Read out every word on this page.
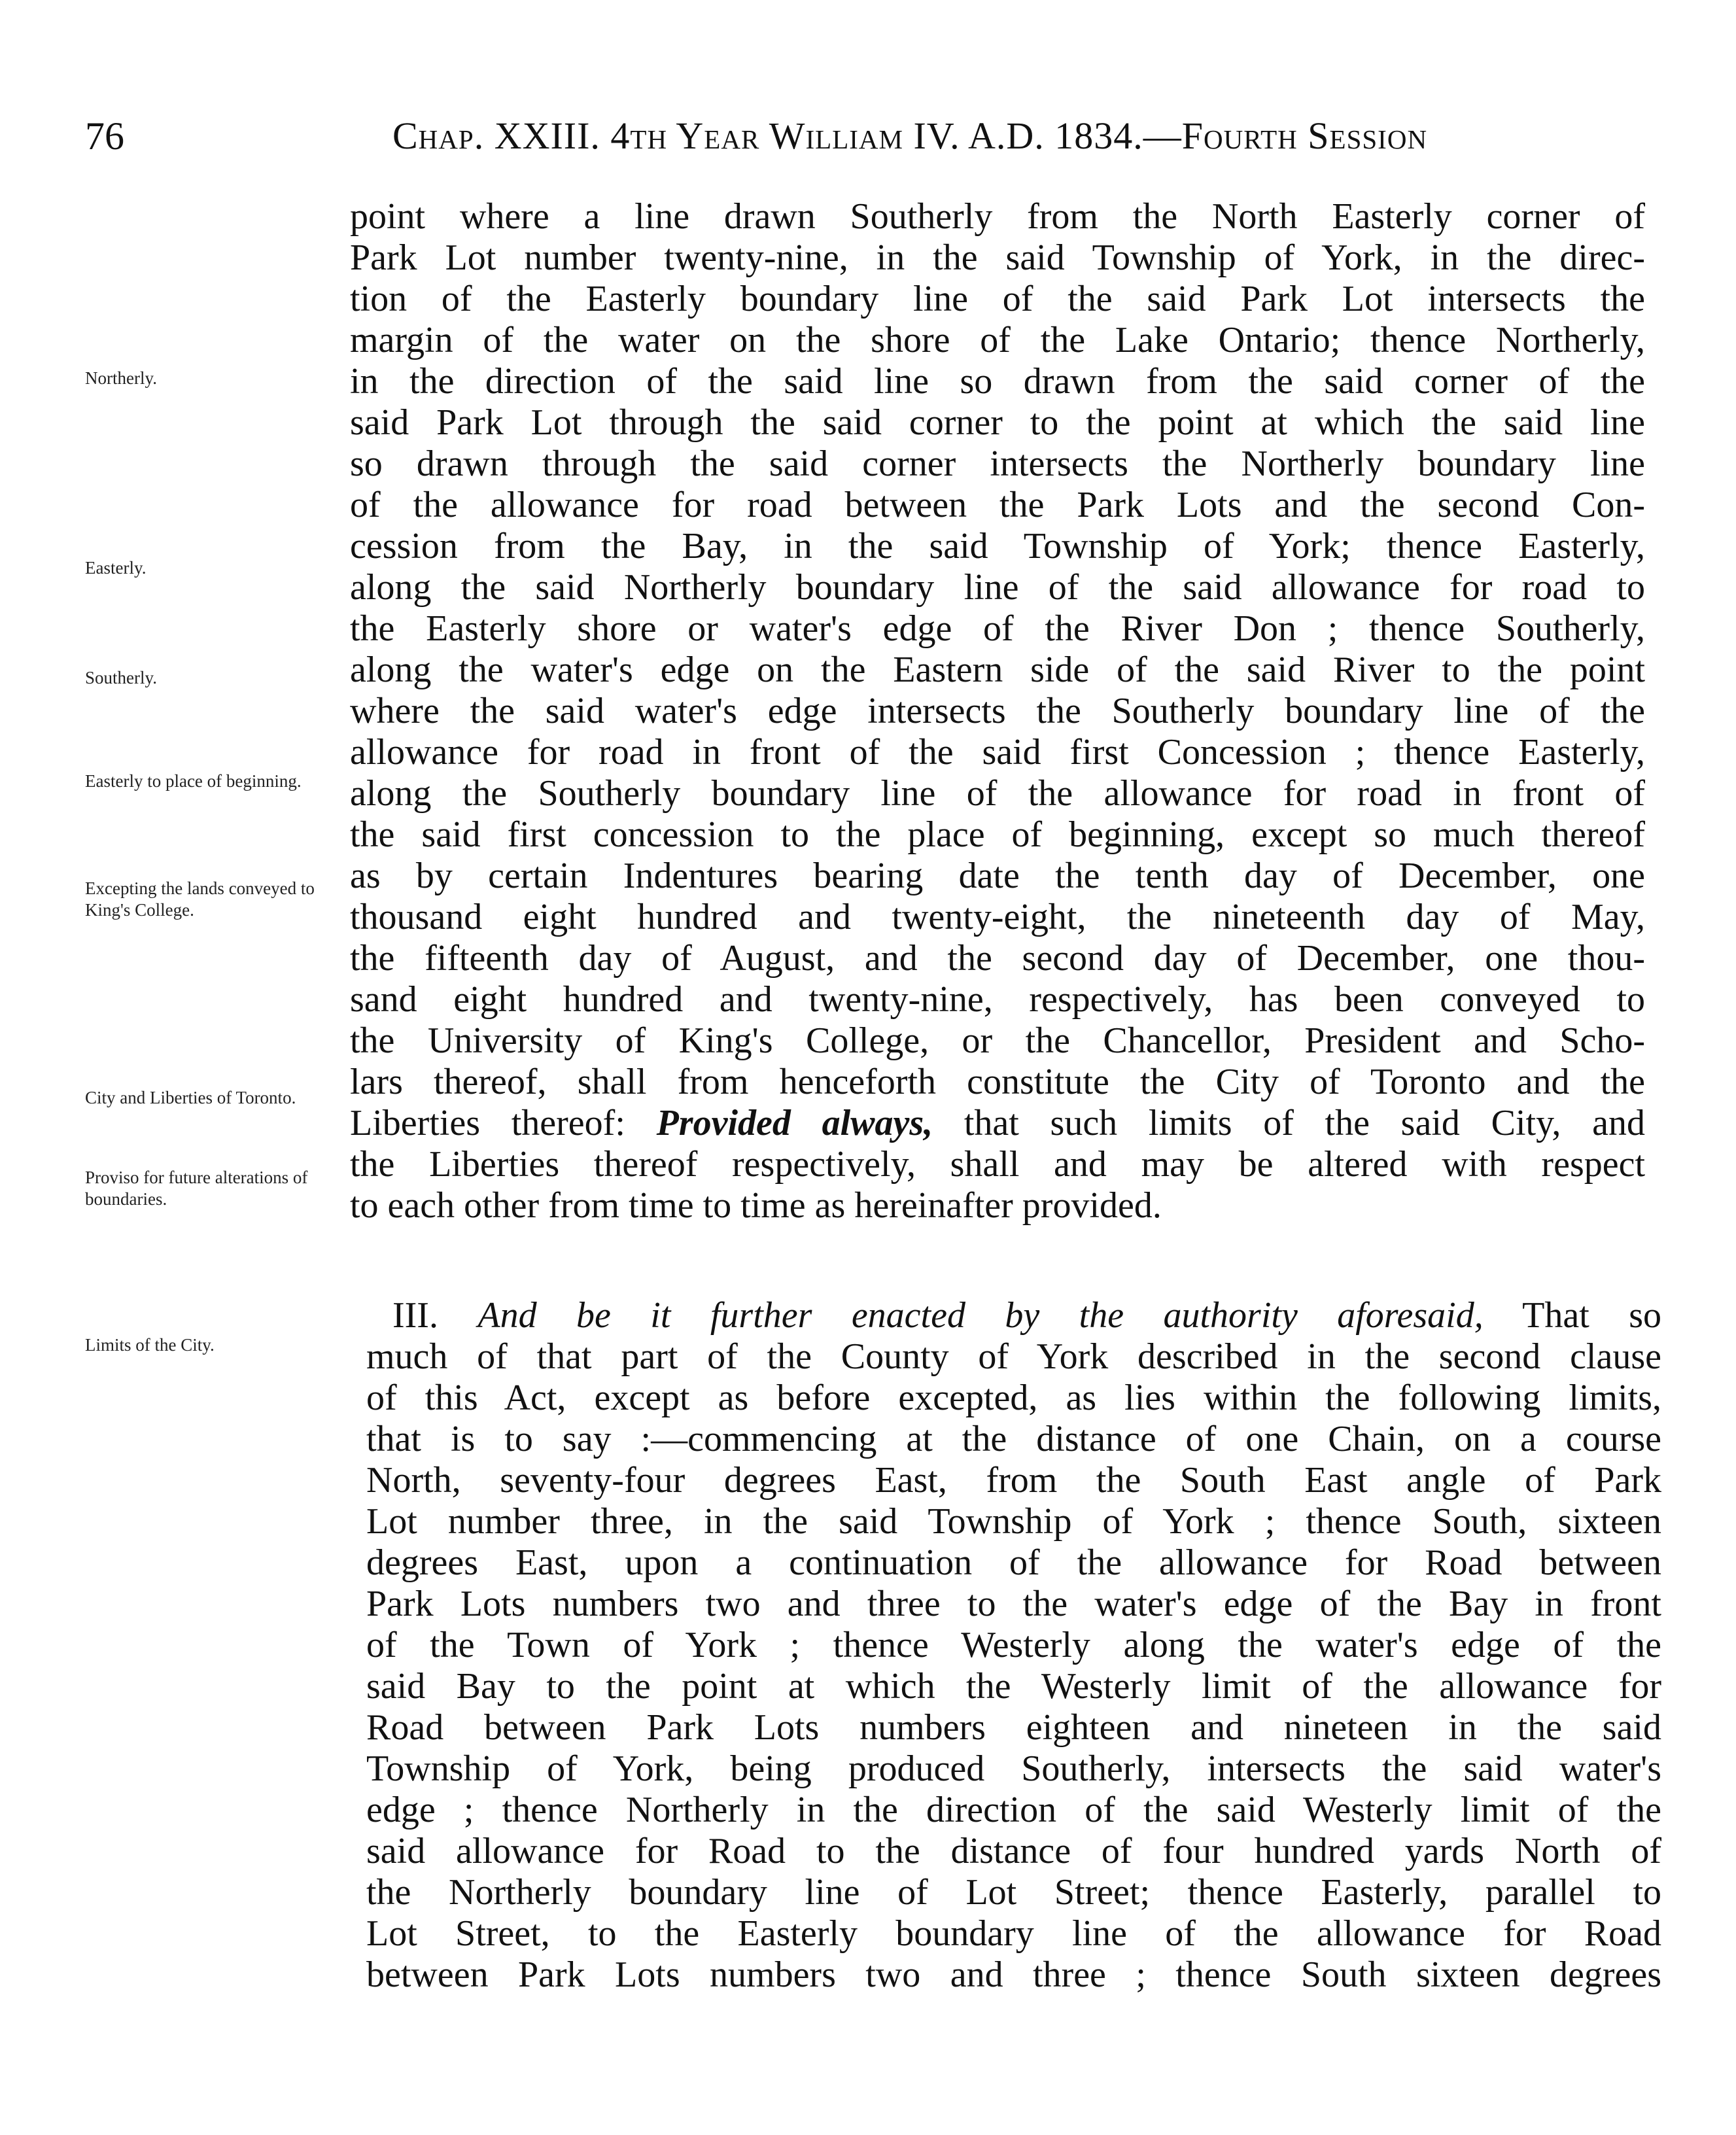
76	Chap. XXIII. 4th Year William IV. A.D. 1834.—Fourth Session
Northerly.
Easterly.
Southerly.
Easterly to place of beginning.
Excepting the lands conveyed to King's College.
City and Liberties of Toronto.
Proviso for future alterations of boundaries.
Limits of the City.
point where a line drawn Southerly from the North Easterly corner of
Park Lot number twenty-nine, in the said Township of York, in the direc-
tion of the Easterly boundary line of the said Park Lot intersects the
margin of the water on the shore of the Lake Ontario; thence Northerly,
in the direction of the said line so drawn from the said corner of the
said Park Lot through the said corner to the point at which the said line
so drawn through the said corner intersects the Northerly boundary line
of the allowance for road between the Park Lots and the second Con-
cession from the Bay, in the said Township of York; thence Easterly,
along the said Northerly boundary line of the said allowance for road to
the Easterly shore or water's edge of the River Don ; thence Southerly,
along the water's edge on the Eastern side of the said River to the point
where the said water's edge intersects the Southerly boundary line of the
allowance for road in front of the said first Concession ; thence Easterly,
along the Southerly boundary line of the allowance for road in front of
the said first concession to the place of beginning, except so much thereof
as by certain Indentures bearing date the tenth day of December, one
thousand eight hundred and twenty-eight, the nineteenth day of May,
the fifteenth day of August, and the second day of December, one thou-
sand eight hundred and twenty-nine, respectively, has been conveyed to
the University of King's College, or the Chancellor, President and Scho-
lars thereof, shall from henceforth constitute the City of Toronto and the
Liberties thereof: Provided always, that such limits of the said City, and
the Liberties thereof respectively, shall and may be altered with respect
to each other from time to time as hereinafter provided.
III. And be it further enacted by the authority aforesaid, That so
much of that part of the County of York described in the second clause
of this Act, except as before excepted, as lies within the following limits,
that is to say :—commencing at the distance of one Chain, on a course
North, seventy-four degrees East, from the South East angle of Park
Lot number three, in the said Township of York ; thence South, sixteen
degrees East, upon a continuation of the allowance for Road between
Park Lots numbers two and three to the water's edge of the Bay in front
of the Town of York ; thence Westerly along the water's edge of the
said Bay to the point at which the Westerly limit of the allowance for
Road between Park Lots numbers eighteen and nineteen in the said
Township of York, being produced Southerly, intersects the said water's
edge ; thence Northerly in the direction of the said Westerly limit of the
said allowance for Road to the distance of four hundred yards North of
the Northerly boundary line of Lot Street; thence Easterly, parallel to
Lot Street, to the Easterly boundary line of the allowance for Road
between Park Lots numbers two and three ; thence South sixteen degrees
